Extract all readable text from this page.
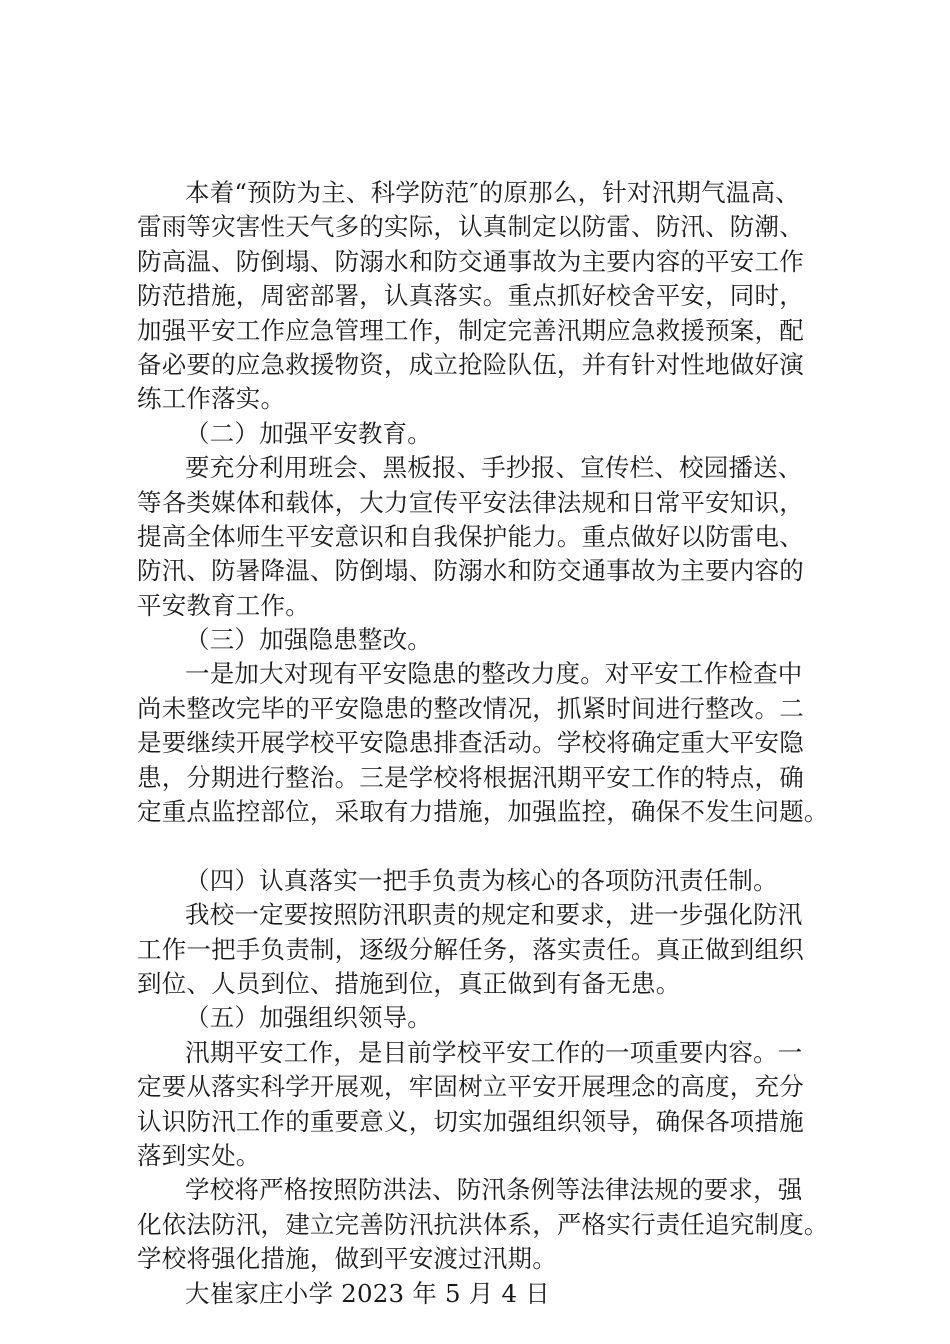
本着“预防为主、科学防范″的原那么，针对汛期气温高、
雷雨等灾害性天气多的实际，认真制定以防雷、防汛、防潮、
防高温、防倒塌、防溺水和防交通事故为主要内容的平安工作
防范措施，周密部署，认真落实。重点抓好校舍平安，同时，
加强平安工作应急管理工作，制定完善汛期应急救援预案，配
备必要的应急救援物资，成立抢险队伍，并有针对性地做好演
练工作落实。
（二）加强平安教育。
要充分利用班会、黑板报、手抄报、宣传栏、校园播送、
等各类媒体和载体，大力宣传平安法律法规和日常平安知识，
提高全体师生平安意识和自我保护能力。重点做好以防雷电、
防汛、防暑降温、防倒塌、防溺水和防交通事故为主要内容的
平安教育工作。
（三）加强隐患整改。
一是加大对现有平安隐患的整改力度。对平安工作检查中
尚未整改完毕的平安隐患的整改情况，抓紧时间进行整改。二
是要继续开展学校平安隐患排查活动。学校将确定重大平安隐
患，分期进行整治。三是学校将根据汛期平安工作的特点，确
定重点监控部位，采取有力措施，加强监控，确保不发生问题。
（四）认真落实一把手负责为核心的各项防汛责任制。
我校一定要按照防汛职责的规定和要求，进一步强化防汛
工作一把手负责制，逐级分解任务，落实责任。真正做到组织
到位、人员到位、措施到位，真正做到有备无患。
（五）加强组织领导。
汛期平安工作，是目前学校平安工作的一项重要内容。一
定要从落实科学开展观，牢固树立平安开展理念的高度，充分
认识防汛工作的重要意义，切实加强组织领导，确保各项措施
落到实处。
学校将严格按照防洪法、防汛条例等法律法规的要求，强
化依法防汛，建立完善防汛抗洪体系，严格实行责任追究制度。
学校将强化措施，做到平安渡过汛期。
大崔家庄小学 2023 年 5 月 4 日
